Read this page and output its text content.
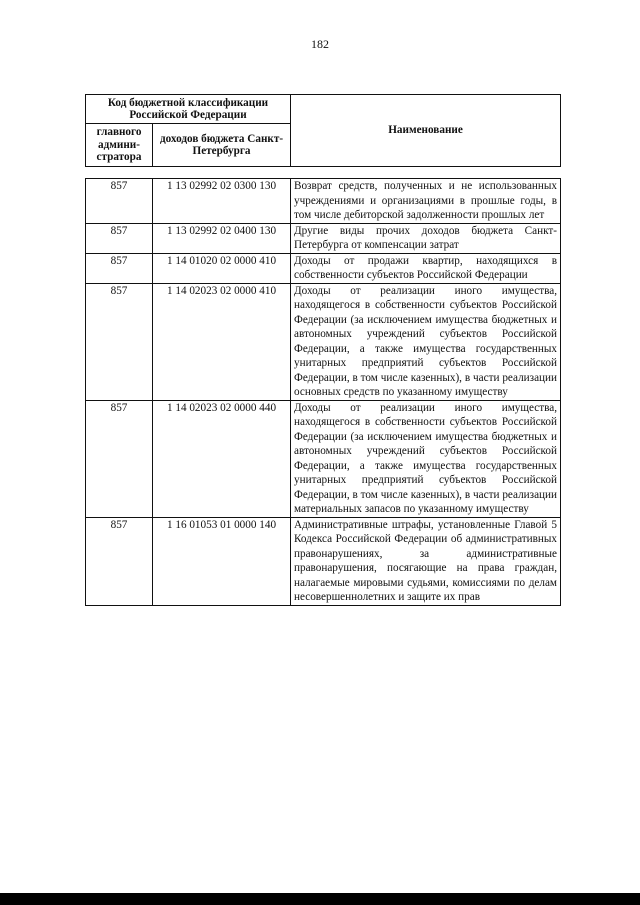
182
Код бюджетной классификации Российской Федерации		Наименование
главного админи-стратора	доходов бюджета Санкт-Петербурга	
857	1 13 02992 02 0300 130	Возврат средств, полученных и не использованных учреждениями и организациями в прошлые годы, в том числе дебиторской задолженности прошлых лет
857	1 13 02992 02 0400 130	Другие виды прочих доходов бюджета Санкт-Петербурга от компенсации затрат
857	1 14 01020 02 0000 410	Доходы от продажи квартир, находящихся в собственности субъектов Российской Федерации
857	1 14 02023 02 0000 410	Доходы от реализации иного имущества, находящегося в собственности субъектов Российской Федерации (за исключением имущества бюджетных и автономных учреждений субъектов Российской Федерации, а также имущества государственных унитарных предприятий субъектов Российской Федерации, в том числе казенных), в части реализации основных средств по указанному имуществу
857	1 14 02023 02 0000 440	Доходы от реализации иного имущества, находящегося в собственности субъектов Российской Федерации (за исключением имущества бюджетных и автономных учреждений субъектов Российской Федерации, а также имущества государственных унитарных предприятий субъектов Российской Федерации, в том числе казенных), в части реализации материальных запасов по указанному имуществу
857	1 16 01053 01 0000 140	Административные штрафы, установленные Главой 5 Кодекса Российской Федерации об административных правонарушениях, за административные правонарушения, посягающие на права граждан, налагаемые мировыми судьями, комиссиями по делам несовершеннолетних и защите их прав
